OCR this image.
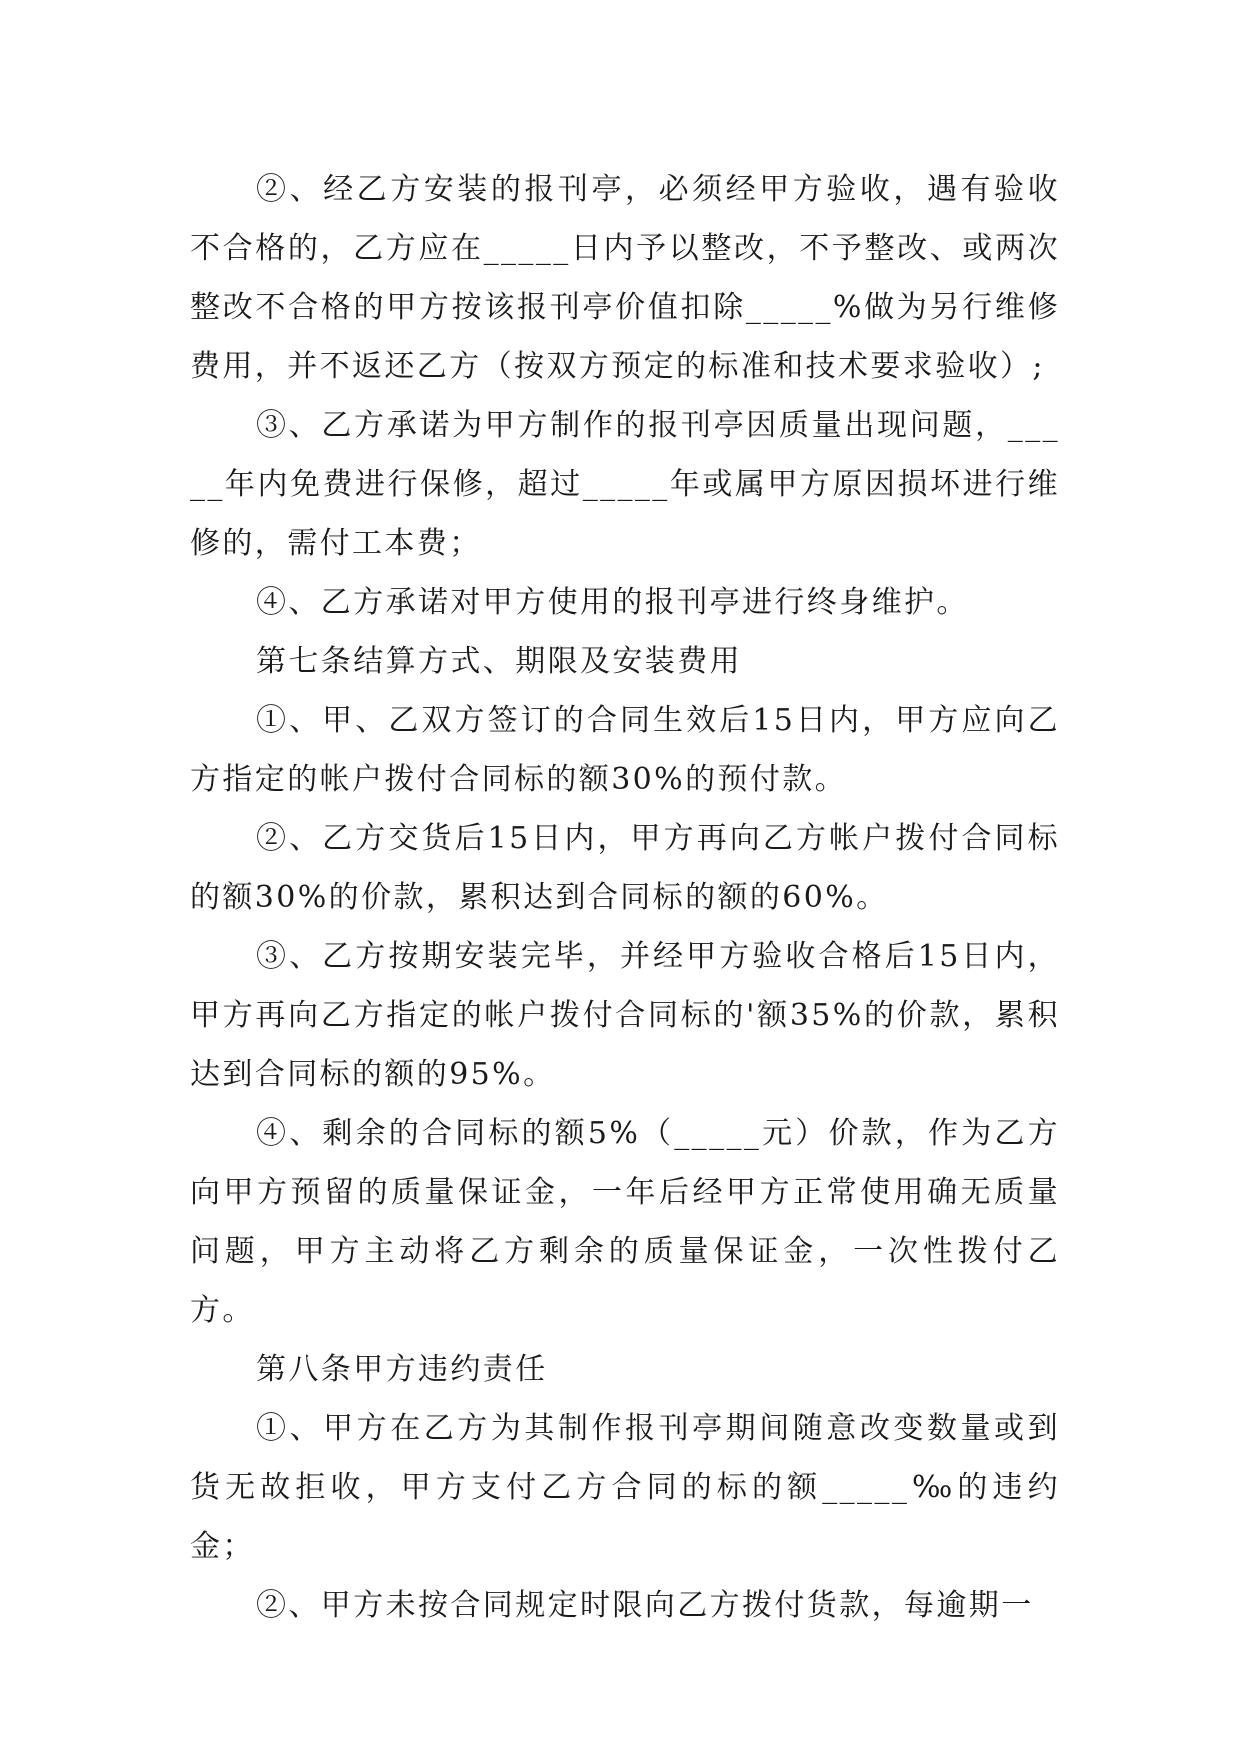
②、经乙方安装的报刊亭，必须经甲方验收，遇有验收不合格的，乙方应在_____日内予以整改，不予整改、或两次整改不合格的甲方按该报刊亭价值扣除_____%做为另行维修费用，并不返还乙方（按双方预定的标准和技术要求验收）;

③、乙方承诺为甲方制作的报刊亭因质量出现问题，_____年内免费进行保修，超过_____年或属甲方原因损坏进行维修的，需付工本费；

④、乙方承诺对甲方使用的报刊亭进行终身维护。

第七条结算方式、期限及安装费用

①、甲、乙双方签订的合同生效后15日内，甲方应向乙方指定的帐户拨付合同标的额30%的预付款。

②、乙方交货后15日内，甲方再向乙方帐户拨付合同标的额30%的价款，累积达到合同标的额的60%。

③、乙方按期安装完毕，并经甲方验收合格后15日内，甲方再向乙方指定的帐户拨付合同标的'额35%的价款，累积达到合同标的额的95%。

④、剩余的合同标的额5%（_____元）价款，作为乙方向甲方预留的质量保证金，一年后经甲方正常使用确无质量问题，甲方主动将乙方剩余的质量保证金，一次性拨付乙方。

第八条甲方违约责任

①、甲方在乙方为其制作报刊亭期间随意改变数量或到货无故拒收，甲方支付乙方合同的标的额_____‰的违约金；

②、甲方未按合同规定时限向乙方拨付货款，每逾期一
